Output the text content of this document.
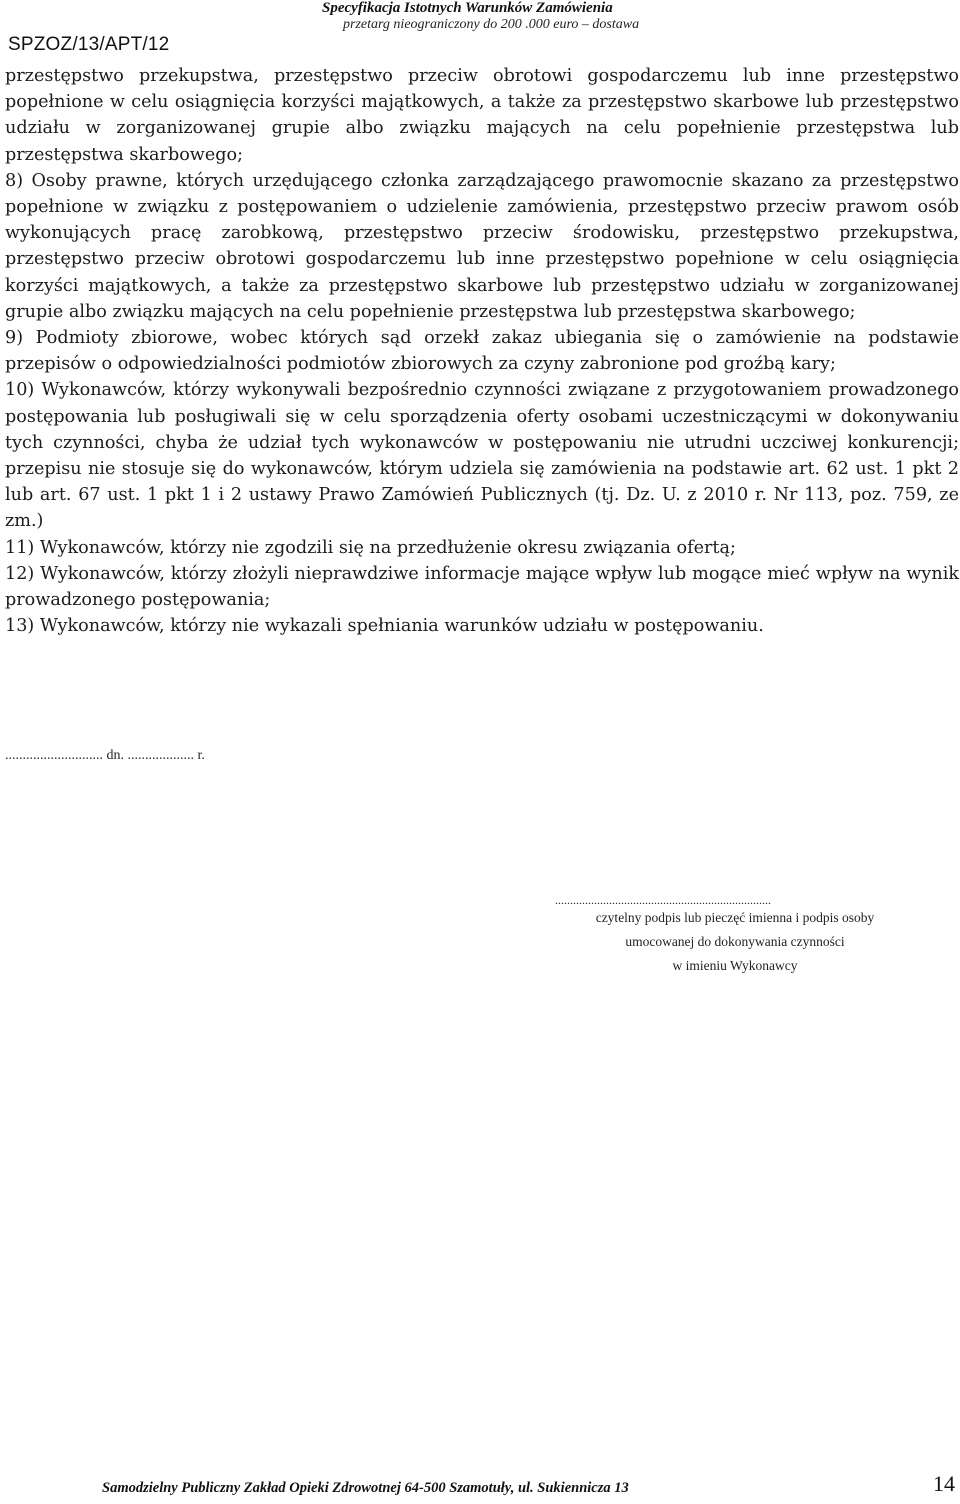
SPZOZ/13/APT/12
Specyfikacja Istotnych Warunków Zamówienia
przetarg nieograniczony do 200 .000 euro – dostawa

przestępstwo przekupstwa, przestępstwo przeciw obrotowi gospodarczemu lub inne przestępstwo popełnione w celu osiągnięcia korzyści majątkowych, a także za przestępstwo skarbowe lub przestępstwo udziału w zorganizowanej grupie albo związku mających na celu popełnienie przestępstwa lub przestępstwa skarbowego;

8) Osoby prawne, których urzędującego członka zarządzającego prawomocnie skazano za przestępstwo popełnione w związku z postępowaniem o udzielenie zamówienia, przestępstwo przeciw prawom osób wykonujących pracę zarobkową, przestępstwo przeciw środowisku, przestępstwo przekupstwa, przestępstwo przeciw obrotowi gospodarczemu lub inne przestępstwo popełnione w celu osiągnięcia korzyści majątkowych, a także za przestępstwo skarbowe lub przestępstwo udziału w zorganizowanej grupie albo związku mających na celu popełnienie przestępstwa lub przestępstwa skarbowego;

9) Podmioty zbiorowe, wobec których sąd orzekł zakaz ubiegania się o zamówienie na podstawie przepisów o odpowiedzialności podmiotów zbiorowych za czyny zabronione pod groźbą kary;

10) Wykonawców, którzy wykonywali bezpośrednio czynności związane z przygotowaniem prowadzonego postępowania lub posługiwali się w celu sporządzenia oferty osobami uczestniczącymi w dokonywaniu tych czynności, chyba że udział tych wykonawców w postępowaniu nie utrudni uczciwej konkurencji; przepisu nie stosuje się do wykonawców, którym udziela się zamówienia na podstawie art. 62 ust. 1 pkt 2 lub art. 67 ust. 1 pkt 1 i 2 ustawy Prawo Zamówień Publicznych (tj. Dz. U. z 2010 r. Nr 113, poz. 759, ze zm.)

11) Wykonawców, którzy nie zgodzili się na przedłużenie okresu związania ofertą;

12) Wykonawców, którzy złożyli nieprawdziwe informacje mające wpływ lub mogące mieć wpływ na wynik prowadzonego postępowania;

13) Wykonawców, którzy nie wykazali spełniania warunków udziału w postępowaniu.

............................ dn. ................... r.
........................................................................
czytelny podpis lub pieczęć imienna i podpis osoby
umocowanej do dokonywania czynności
w imieniu Wykonawcy
Samodzielny Publiczny Zakład Opieki Zdrowotnej 64-500 Szamotuły, ul. Sukiennicza 13	14
